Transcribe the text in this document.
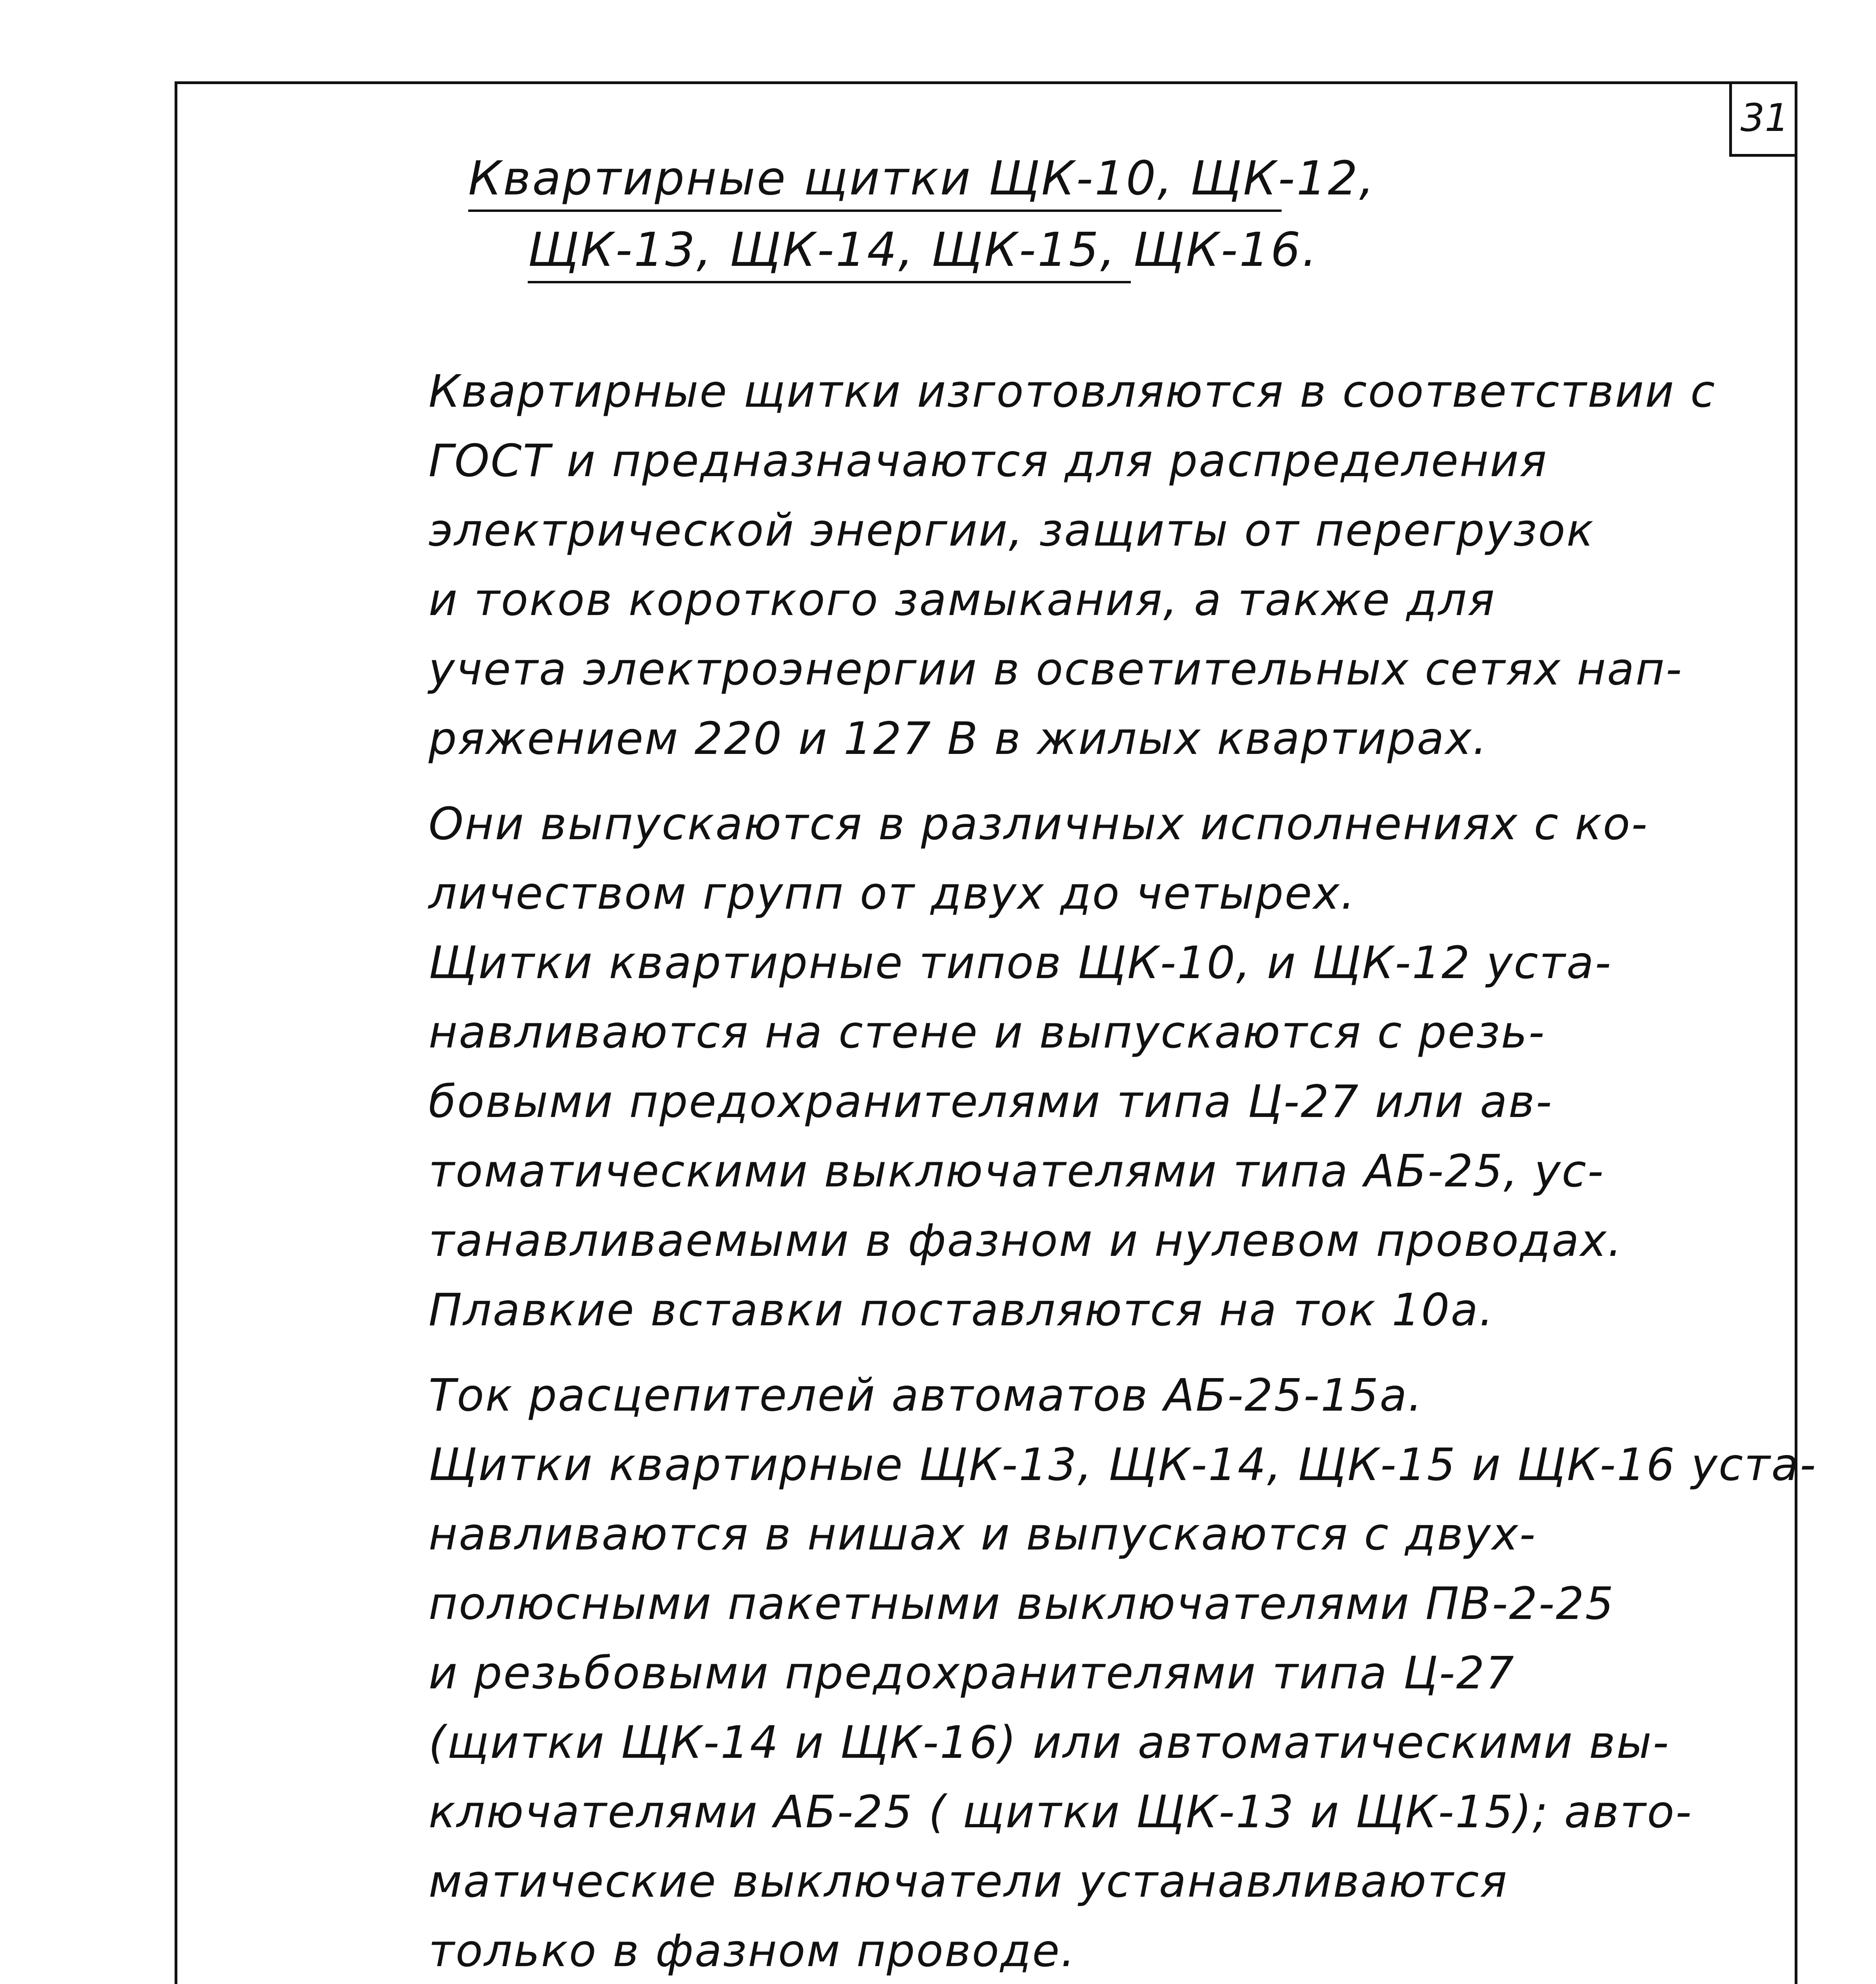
31
Квартирные щитки ЩК-10, ЩК-12,
ЩК-13, ЩК-14, ЩК-15, ЩК-16.
Квартирные щитки изготовляются в соответствии с
ГОСТ и предназначаются для распределения
электрической энергии, защиты от перегрузок
и токов короткого замыкания, а также для
учета электроэнергии в осветительных сетях нап-
ряжением 220 и 127 В в жилых квартирах.
Они выпускаются в различных исполнениях с ко-
личеством групп от двух до четырех.
Щитки квартирные типов ЩК-10, и ЩК-12 уста-
навливаются на стене и выпускаются с резь-
бовыми предохранителями типа Ц-27 или ав-
томатическими выключателями типа АБ-25, ус-
танавливаемыми в фазном и нулевом проводах.
Плавкие вставки поставляются на ток 10а.
Ток расцепителей автоматов АБ-25-15а.
Щитки квартирные ЩК-13, ЩК-14, ЩК-15 и ЩК-16 уста-
навливаются в нишах и выпускаются с двух-
полюсными пакетными выключателями ПВ-2-25
и резьбовыми предохранителями типа Ц-27
(щитки ЩК-14 и ЩК-16) или автоматическими вы-
ключателями АБ-25 ( щитки ЩК-13 и ЩК-15); авто-
матические выключатели устанавливаются
только в фазном проводе.
